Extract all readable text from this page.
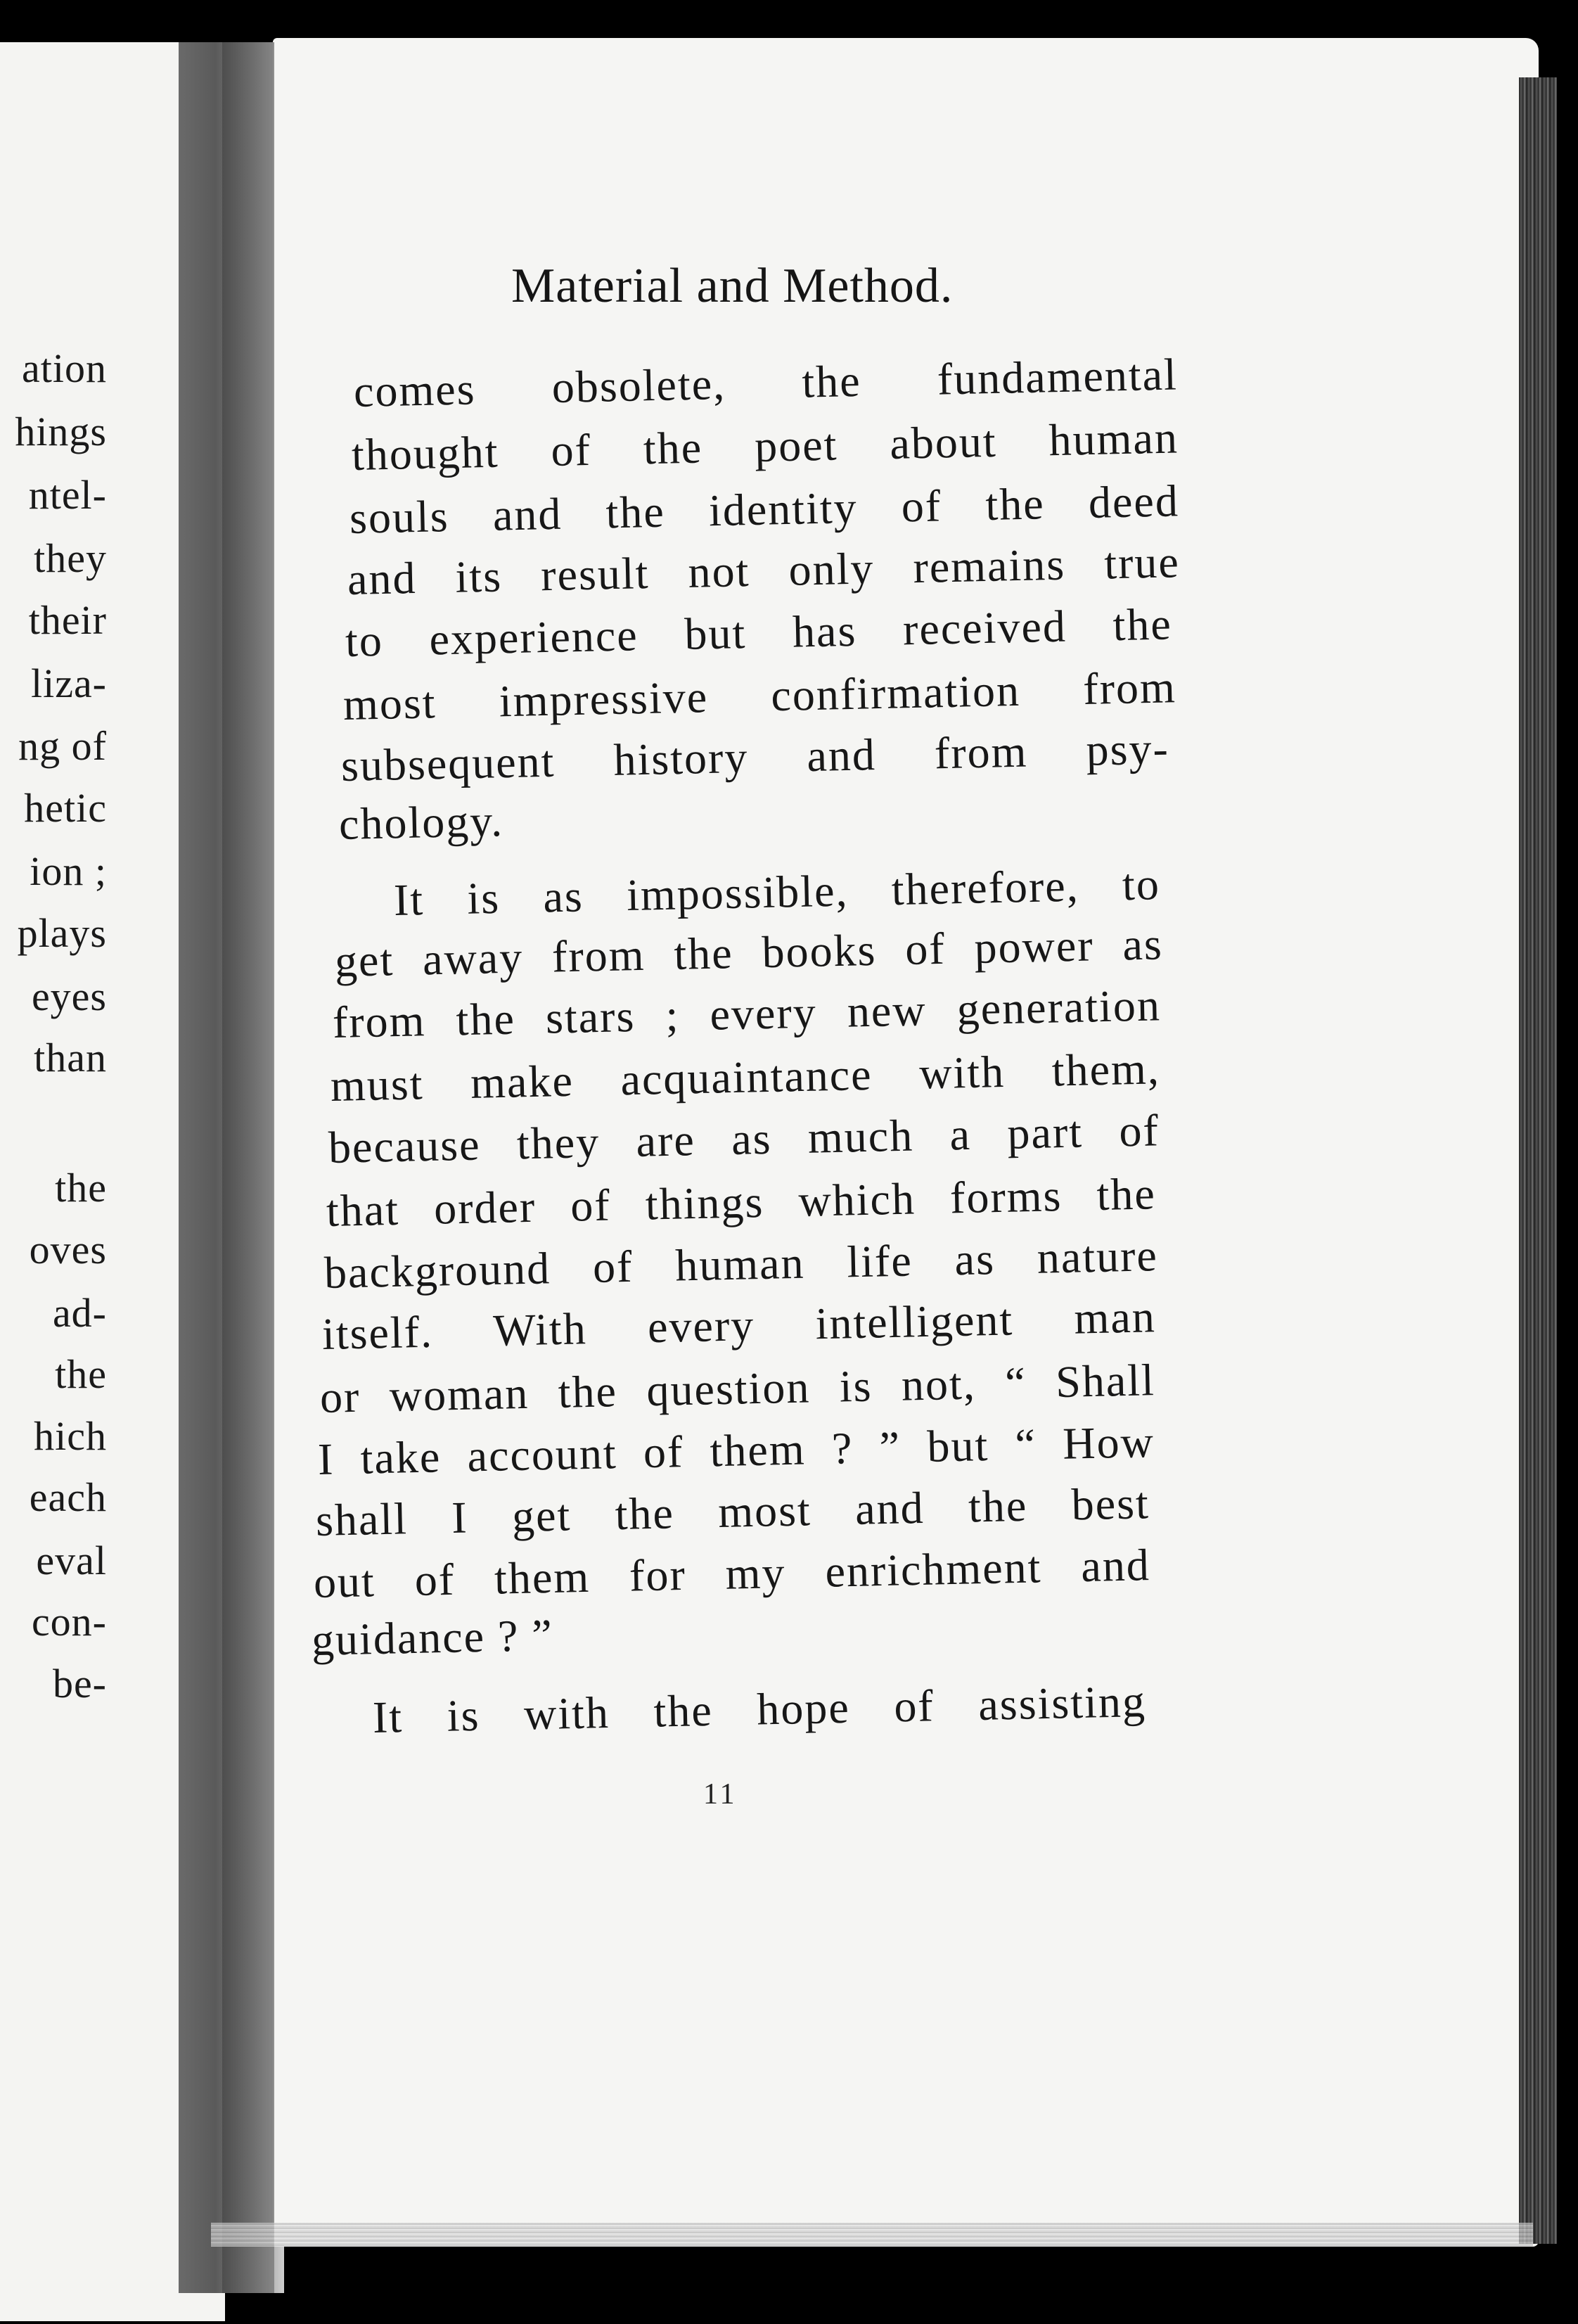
ation
hings
ntel-
they
their
liza-
ng of
hetic
ion ;
plays
eyes
than
the
oves
ad-
the
hich
each
eval
con-
be-
Material and Method.
comes obsolete, the fundamental
thought of the poet about human
souls and the identity of the deed
and its result not only remains true
to experience but has received the
most impressive confirmation from
subsequent history and from psy-
chology.
It is as impossible, therefore, to
get away from the books of power as
from the stars ; every new generation
must make acquaintance with them,
because they are as much a part of
that order of things which forms the
background of human life as nature
itself. With every intelligent man
or woman the question is not, “ Shall
I take account of them ? ” but “ How
shall I get the most and the best
out of them for my enrichment and
guidance ? ”
It is with the hope of assisting
11
